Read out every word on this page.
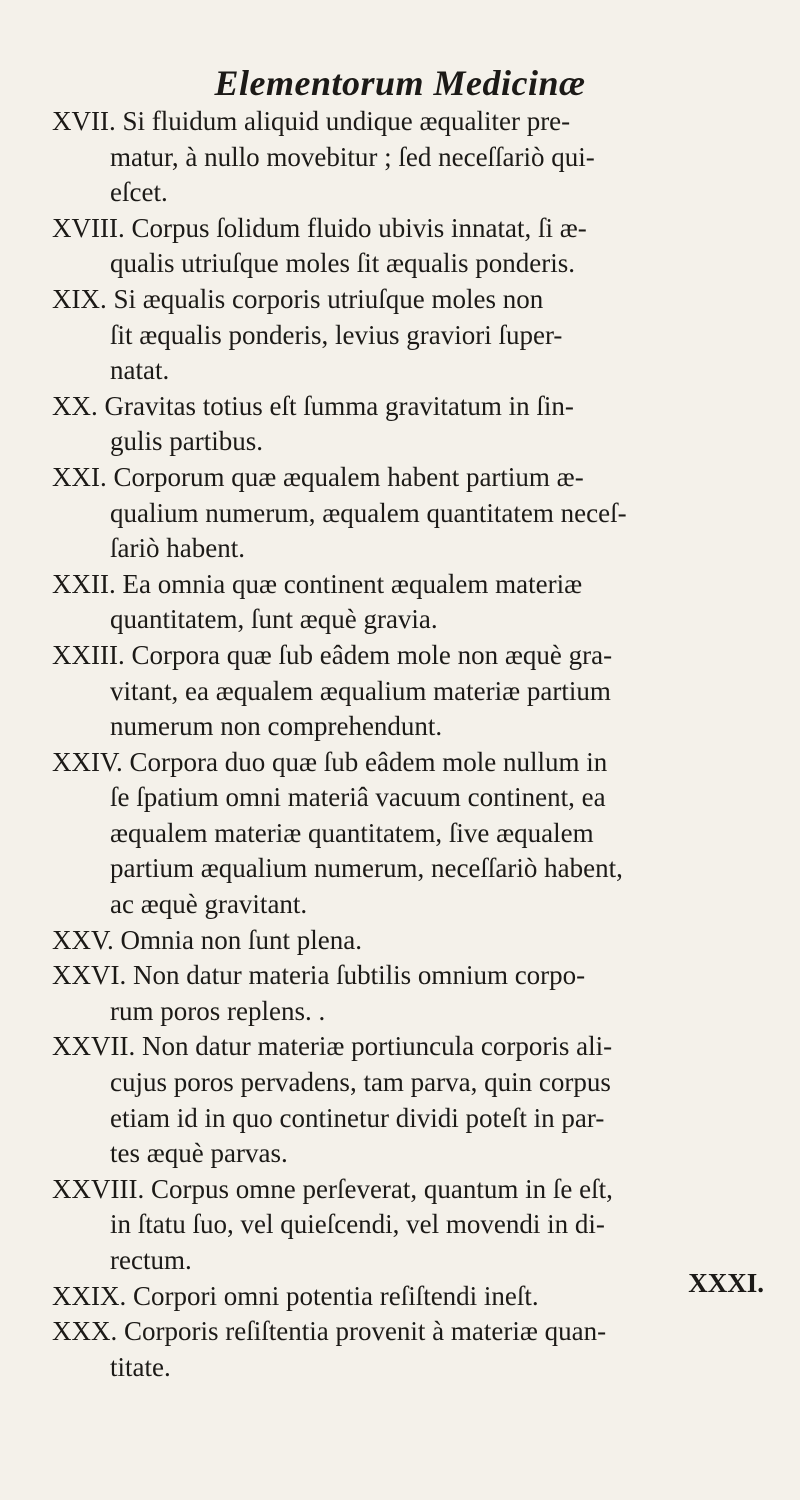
Elementorum Medicinæ
XVII. Si fluidum aliquid undique æqualiter pre-
matur, à nullo movebitur ; ſed neceſſariò qui-
eſcet.
XVIII. Corpus ſolidum fluido ubivis innatat, ſi æ-
qualis utriuſque moles ſit æqualis ponderis.
XIX. Si æqualis corporis utriuſque moles non
ſit æqualis ponderis, levius graviori ſuper-
natat.
XX. Gravitas totius eſt ſumma gravitatum in ſin-
gulis partibus.
XXI. Corporum quæ æqualem habent partium æ-
qualium numerum, æqualem quantitatem neceſ-
ſariò habent.
XXII. Ea omnia quæ continent æqualem materiæ
quantitatem, ſunt æquè gravia.
XXIII. Corpora quæ ſub eâdem mole non æquè gra-
vitant, ea æqualem æqualium materiæ partium
numerum non comprehendunt.
XXIV. Corpora duo quæ ſub eâdem mole nullum in
ſe ſpatium omni materiâ vacuum continent, ea
æqualem materiæ quantitatem, ſive æqualem
partium æqualium numerum, neceſſariò habent,
ac æquè gravitant.
XXV. Omnia non ſunt plena.
XXVI. Non datur materia ſubtilis omnium corpo-
rum poros replens. .
XXVII. Non datur materiæ portiuncula corporis ali-
cujus poros pervadens, tam parva, quin corpus
etiam id in quo continetur dividi poteſt in par-
tes æquè parvas.
XXVIII. Corpus omne perſeverat, quantum in ſe eſt,
in ſtatu ſuo, vel quieſcendi, vel movendi in di-
rectum.
XXIX. Corpori omni potentia reſiſtendi ineſt.
XXX. Corporis reſiſtentia provenit à materiæ quan-
titate.
XXXI.
